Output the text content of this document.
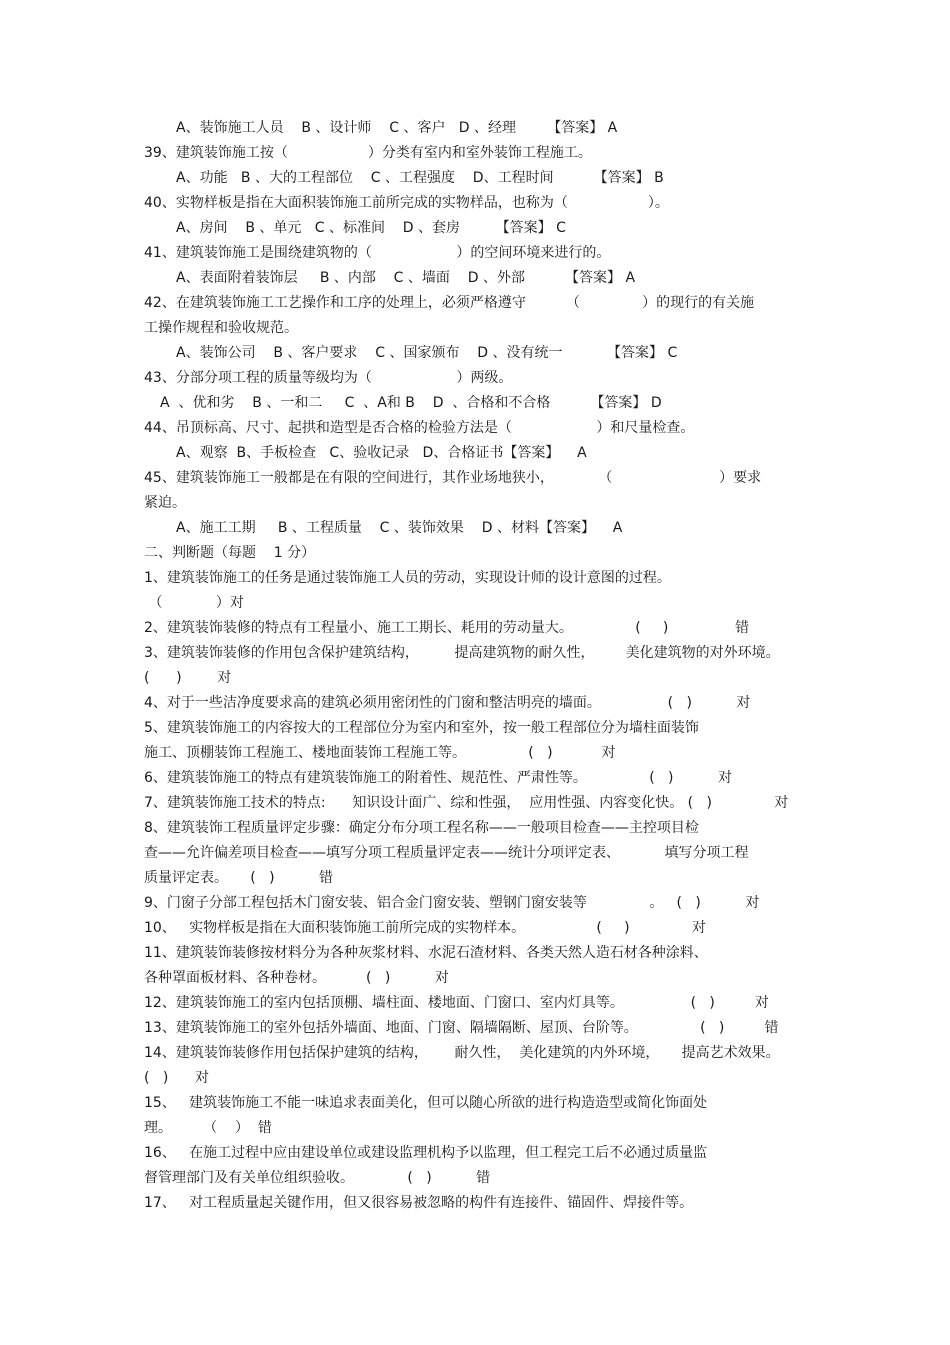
A、装饰施工人员    B 、设计师    C 、客户   D 、经理       【答案】 A
39、建筑装饰施工按（                  ）分类有室内和室外装饰工程施工。
A、功能   B 、大的工程部位    C 、工程强度    D、工程时间         【答案】 B
40、实物样板是指在大面积装饰施工前所完成的实物样品，也称为（                  ）。
A、房间    B 、单元   C 、标准间    D 、套房        【答案】 C
41、建筑装饰施工是围绕建筑物的（                   ）的空间环境来进行的。
A、表面附着装饰层     B 、内部    C 、墙面    D 、外部         【答案】 A
42、在建筑装饰施工工艺操作和工序的处理上，必须严格遵守         （              ）的现行的有关施
工操作规程和验收规范。
A、装饰公司    B 、客户要求    C 、国家颁布    D 、没有统一          【答案】 C
43、分部分项工程的质量等级均为（                   ）两级。
A  、优和劣    B 、一和二     C  、A和 B    D  、合格和不合格         【答案】 D
44、吊顶标高、尺寸、起拱和造型是否合格的检验方法是（                   ）和尺量检查。
A、观察  B、手板检查   C、验收记录   D、合格证书【答案】    A
45、建筑装饰施工一般都是在有限的空间进行，其作业场地狭小，          （                        ）要求
紧迫。
A、施工工期     B 、工程质量    C 、装饰效果    D 、材料【答案】    A
二、判断题（每题    1 分）
1、建筑装饰施工的任务是通过装饰施工人员的劳动，实现设计师的设计意图的过程。
（            ）对
2、建筑装饰装修的特点有工程量小、施工工期长、耗用的劳动量大。              (     )               错
3、建筑装饰装修的作用包含保护建筑结构，        提高建筑物的耐久性，       美化建筑物的对外环境。
(      )        对
4、对于一些洁净度要求高的建筑必须用密闭性的门窗和整洁明亮的墙面。               (   )          对
5、建筑装饰施工的内容按大的工程部位分为室内和室外，按一般工程部位分为墙柱面装饰
施工、顶棚装饰工程施工、楼地面装饰工程施工等。              (   )           对
6、建筑装饰施工的特点有建筑装饰施工的附着性、规范性、严肃性等。              (   )          对
7、建筑装饰施工技术的特点:      知识设计面广、综和性强，  应用性强、内容变化快。 (   )              对
8、建筑装饰工程质量评定步骤：确定分布分项工程名称——一般项目检查——主控项目检
查——允许偏差项目检查——填写分项工程质量评定表——统计分项评定表、          填写分项工程
质量评定表。     (   )          错
9、门窗子分部工程包括木门窗安装、铝合金门窗安装、塑钢门窗安装等              。   (   )          对
10、   实物样板是指在大面积装饰施工前所完成的实物样本。                (     )              对
11、建筑装饰装修按材料分为各种灰浆材料、水泥石渣材料、各类天然人造石材各种涂料、
各种罩面板材料、各种卷材。         (   )          对
12、建筑装饰施工的室内包括顶棚、墙柱面、楼地面、门窗口、室内灯具等。               (   )         对
13、建筑装饰施工的室外包括外墙面、地面、门窗、隔墙隔断、屋顶、台阶等。              (   )         错
14、建筑装饰装修作用包括保护建筑的结构，      耐久性，  美化建筑的内外环境，     提高艺术效果。
(   )      对
15、   建筑装饰施工不能一味追求表面美化，但可以随心所欲的进行构造造型或简化饰面处
理。       （    ）  错
16、   在施工过程中应由建设单位或建设监理机构予以监理，但工程完工后不必通过质量监
督管理部门及有关单位组织验收。            (   )          错
17、   对工程质量起关键作用，但又很容易被忽略的构件有连接件、锚固件、焊接件等。
